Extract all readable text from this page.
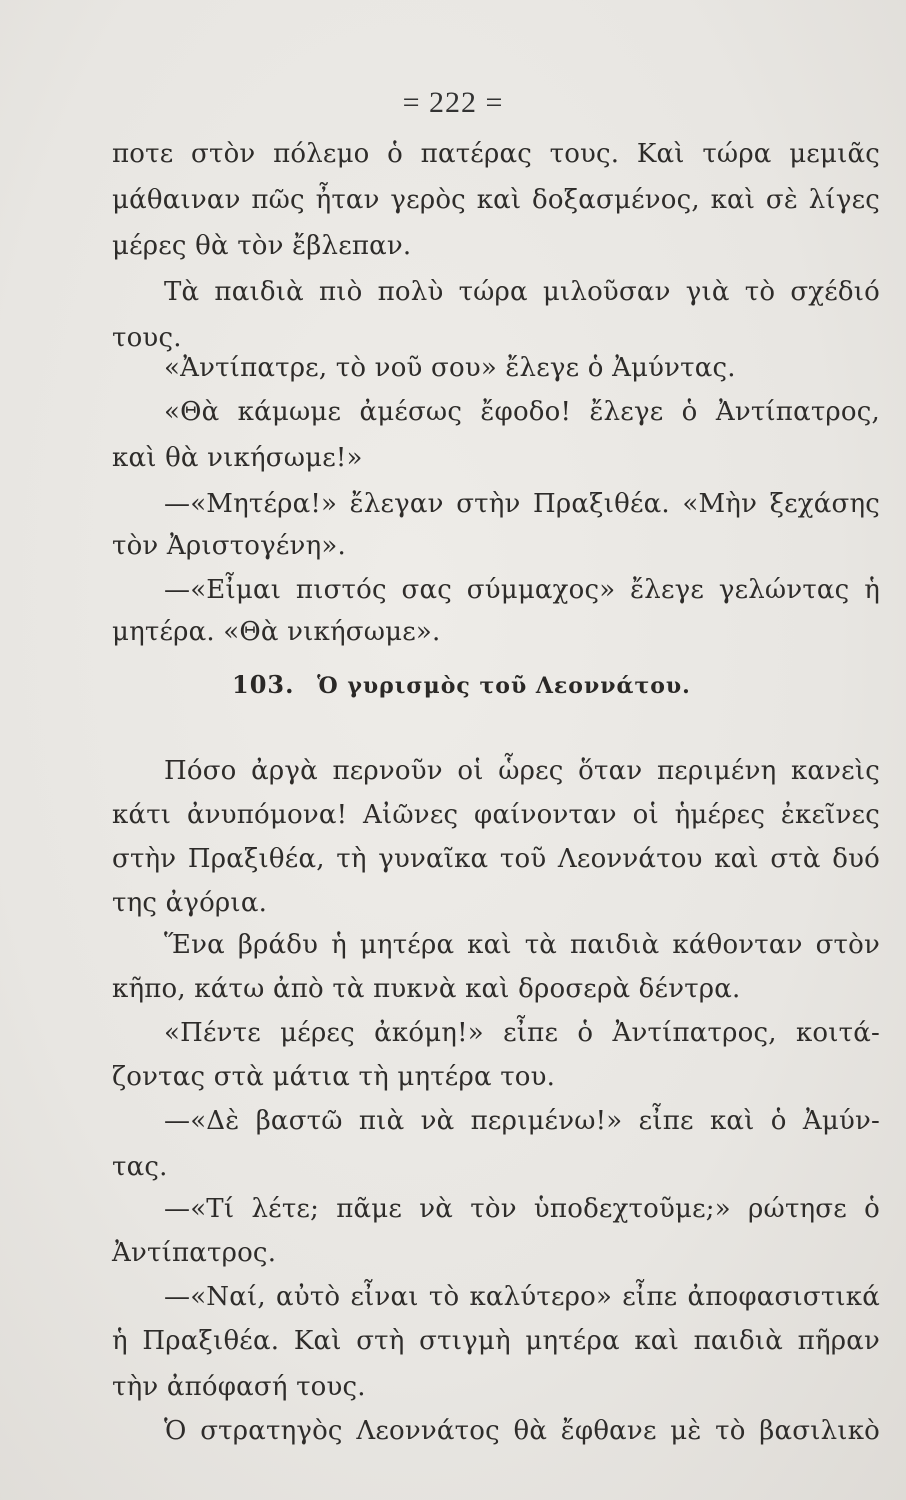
= 222 =
ποτε στὸν πόλεμο ὁ πατέρας τους. Καὶ τώρα μεμιᾶς
μάθαιναν πῶς ἦταν γερὸς καὶ δοξασμένος, καὶ σὲ λίγες
μέρες θὰ τὸν ἔβλεπαν.
Τὰ παιδιὰ πιὸ πολὺ τώρα μιλοῦσαν γιὰ τὸ σχέδιό
τους.
«Ἀντίπατρε, τὸ νοῦ σου» ἔλεγε ὁ Ἀμύντας.
«Θὰ κάμωμε ἀμέσως ἔφοδο! ἔλεγε ὁ Ἀντίπατρος,
καὶ θὰ νικήσωμε!»
—«Μητέρα!» ἔλεγαν στὴν Πραξιθέα. «Μὴν ξεχάσης
τὸν Ἀριστογένη».
—«Εἶμαι πιστός σας σύμμαχος» ἔλεγε γελώντας ἡ
μητέρα. «Θὰ νικήσωμε».
103. Ὁ γυρισμὸς τοῦ Λεοννάτου.
Πόσο ἀργὰ περνοῦν οἱ ὧρες ὅταν περιμένη κανεὶς
κάτι ἀνυπόμονα! Αἰῶνες φαίνονταν οἱ ἡμέρες ἐκεῖνες
στὴν Πραξιθέα, τὴ γυναῖκα τοῦ Λεοννάτου καὶ στὰ δυό
της ἀγόρια.
Ἕνα βράδυ ἡ μητέρα καὶ τὰ παιδιὰ κάθονταν στὸν
κῆπο, κάτω ἀπὸ τὰ πυκνὰ καὶ δροσερὰ δέντρα.
«Πέντε μέρες ἀκόμη!» εἶπε ὁ Ἀντίπατρος, κοιτά-
ζοντας στὰ μάτια τὴ μητέρα του.
—«Δὲ βαστῶ πιὰ νὰ περιμένω!» εἶπε καὶ ὁ Ἀμύν-
τας.
—«Τί λέτε; πᾶμε νὰ τὸν ὑποδεχτοῦμε;» ρώτησε ὁ
Ἀντίπατρος.
—«Ναί, αὐτὸ εἶναι τὸ καλύτερο» εἶπε ἀποφασιστικά
ἡ Πραξιθέα. Καὶ στὴ στιγμὴ μητέρα καὶ παιδιὰ πῆραν
τὴν ἀπόφασή τους.
Ὁ στρατηγὸς Λεοννάτος θὰ ἔφθανε μὲ τὸ βασιλικὸ
